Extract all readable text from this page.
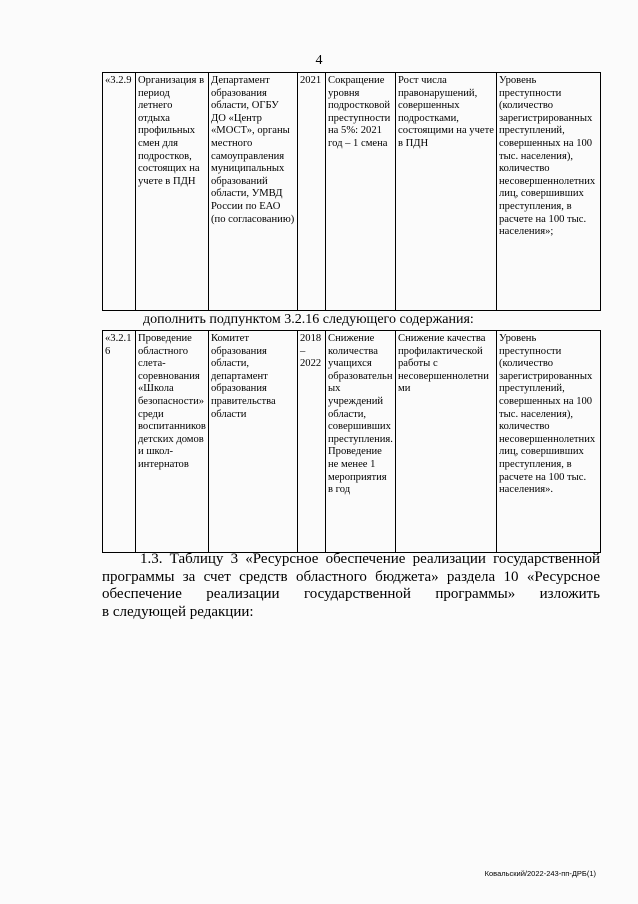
4
«3.2.9	Организация в период летнего отдыха профильных смен для подростков, состоящих на учете в ПДН	Департамент образования области, ОГБУ ДО «Центр «МОСТ», органы местного самоуправления муниципальных образований области, УМВД России по ЕАО (по согласованию)	2021	Сокращение уровня подростковой преступности на 5%: 2021 год – 1 смена	Рост числа правонарушений, совершенных подростками, состоящими на учете в ПДН	Уровень преступности (количество зарегистрированных преступлений, совершенных на 100 тыс. населения), количество несовершеннолетних лиц, совершивших преступления, в расчете на 100 тыс. населения»;
дополнить подпунктом 3.2.16 следующего содержания:
«3.2.16	Проведение областного слета-соревнования «Школа безопасности» среди воспитанников детских домов и школ-интернатов	Комитет образования области, департамент образования правительства области	2018 – 2022	Снижение количества учащихся образовательных учреждений области, совершивших преступления. Проведение не менее 1 мероприятия в год	Снижение качества профилактической работы с несовершеннолетними	Уровень преступности (количество зарегистрированных преступлений, совершенных на 100 тыс. населения), количество несовершеннолетних лиц, совершивших преступления, в расчете на 100 тыс. населения».
1.3. Таблицу 3 «Ресурсное обеспечение реализации государственной
программы за счет средств областного бюджета» раздела 10 «Ресурсное
обеспечение реализации государственной программы» изложить
в следующей редакции:
Ковальский/2022-243-пп-ДРБ(1)
